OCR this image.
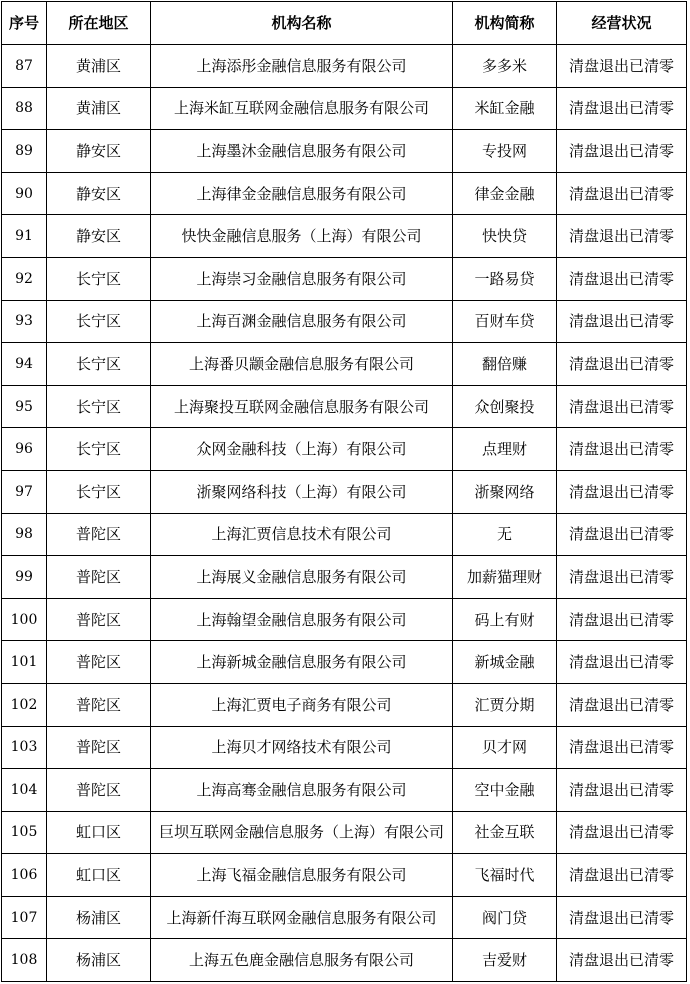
序号	所在地区	机构名称	机构简称	经营状况
87	黄浦区	上海添彤金融信息服务有限公司	多多米	清盘退出已清零
88	黄浦区	上海米缸互联网金融信息服务有限公司	米缸金融	清盘退出已清零
89	静安区	上海墨沐金融信息服务有限公司	专投网	清盘退出已清零
90	静安区	上海律金金融信息服务有限公司	律金金融	清盘退出已清零
91	静安区	快快金融信息服务（上海）有限公司	快快贷	清盘退出已清零
92	长宁区	上海崇习金融信息服务有限公司	一路易贷	清盘退出已清零
93	长宁区	上海百渊金融信息服务有限公司	百财车贷	清盘退出已清零
94	长宁区	上海番贝颛金融信息服务有限公司	翻倍赚	清盘退出已清零
95	长宁区	上海聚投互联网金融信息服务有限公司	众创聚投	清盘退出已清零
96	长宁区	众网金融科技（上海）有限公司	点理财	清盘退出已清零
97	长宁区	浙聚网络科技（上海）有限公司	浙聚网络	清盘退出已清零
98	普陀区	上海汇贾信息技术有限公司	无	清盘退出已清零
99	普陀区	上海展义金融信息服务有限公司	加薪猫理财	清盘退出已清零
100	普陀区	上海翰望金融信息服务有限公司	码上有财	清盘退出已清零
101	普陀区	上海新城金融信息服务有限公司	新城金融	清盘退出已清零
102	普陀区	上海汇贾电子商务有限公司	汇贾分期	清盘退出已清零
103	普陀区	上海贝才网络技术有限公司	贝才网	清盘退出已清零
104	普陀区	上海高骞金融信息服务有限公司	空中金融	清盘退出已清零
105	虹口区	巨坝互联网金融信息服务（上海）有限公司	社金互联	清盘退出已清零
106	虹口区	上海飞福金融信息服务有限公司	飞福时代	清盘退出已清零
107	杨浦区	上海新仟海互联网金融信息服务有限公司	阀门贷	清盘退出已清零
108	杨浦区	上海五色鹿金融信息服务有限公司	吉爱财	清盘退出已清零
